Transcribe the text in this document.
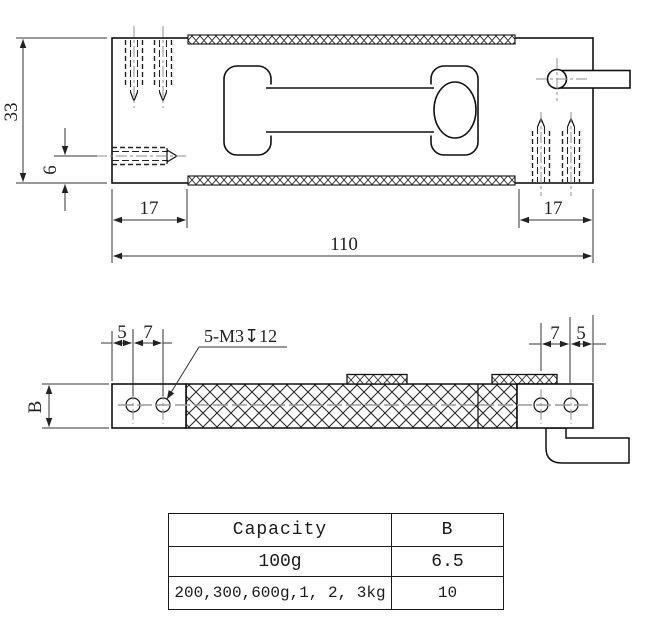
33
6
17	17
110
B
5 7	5-M3↧12	7 5
Capacity	B
100g	6.5
200,300,600g,1, 2, 3kg	10
